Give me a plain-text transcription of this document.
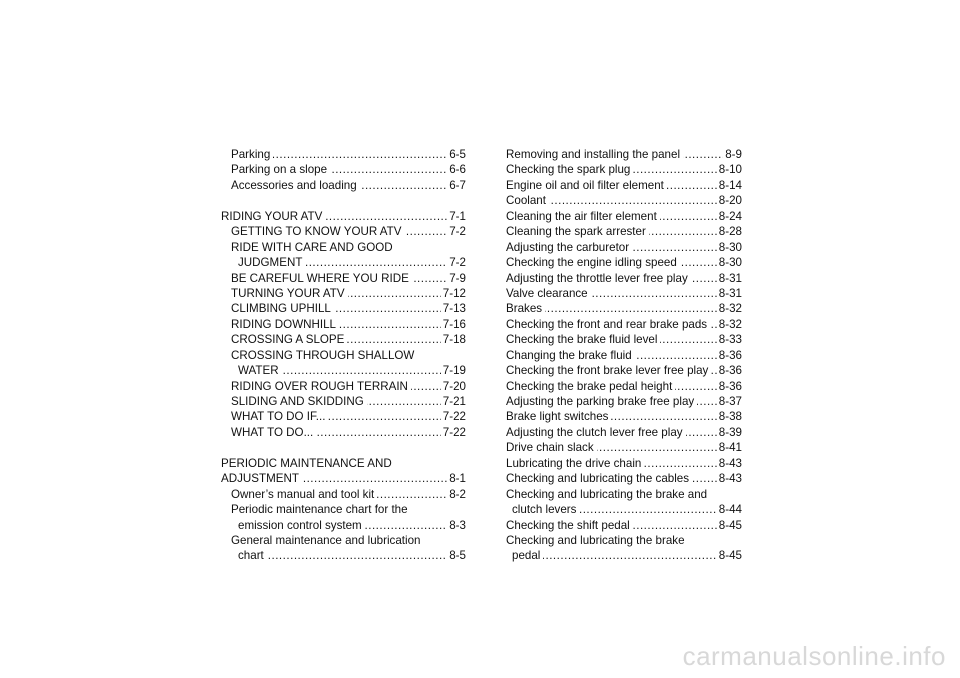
.....
Parking	6-5
.....
Parking on a slope	6-6
.....
Accessories and loading	6-7
.....
RIDING YOUR ATV	7-1
.....
GETTING TO KNOW YOUR ATV	7-2
RIDE WITH CARE AND GOOD
.....
JUDGMENT	7-2
.....
BE CAREFUL WHERE YOU RIDE	7-9
.....
TURNING YOUR ATV	7-12
.....
CLIMBING UPHILL	7-13
.....
RIDING DOWNHILL	7-16
.....
CROSSING A SLOPE	7-18
CROSSING THROUGH SHALLOW
.....
WATER	7-19
.....
RIDING OVER ROUGH TERRAIN	7-20
.....
SLIDING AND SKIDDING	7-21
.....
WHAT TO DO IF...	7-22
.....
WHAT TO DO...	7-22
PERIODIC MAINTENANCE AND
.....
ADJUSTMENT	8-1
.....
Owner’s manual and tool kit	8-2
Periodic maintenance chart for the
.....
emission control system	8-3
General maintenance and lubrication
.....
chart	8-5
.....
Removing and installing the panel	8-9
.....
Checking the spark plug	8-10
.....
Engine oil and oil filter element	8-14
.....
Coolant	8-20
.....
Cleaning the air filter element	8-24
.....
Cleaning the spark arrester	8-28
.....
Adjusting the carburetor	8-30
.....
Checking the engine idling speed	8-30
.....
Adjusting the throttle lever free play	8-31
.....
Valve clearance	8-31
.....
Brakes	8-32
.....
Checking the front and rear brake pads 8-32
.....
Checking the brake fluid level	8-33
.....
Changing the brake fluid	8-36
.....
Checking the front brake lever free play 8-36
.....
Checking the brake pedal height	8-36
.....
Adjusting the parking brake free play 8-37
.....
Brake light switches	8-38
.....
Adjusting the clutch lever free play	8-39
.....
Drive chain slack	8-41
.....
Lubricating the drive chain	8-43
.....
Checking and lubricating the cables	8-43
Checking and lubricating the brake and
.....
clutch levers	8-44
.....
Checking the shift pedal	8-45
Checking and lubricating the brake
.....
pedal	8-45
carmanualsonline.info
